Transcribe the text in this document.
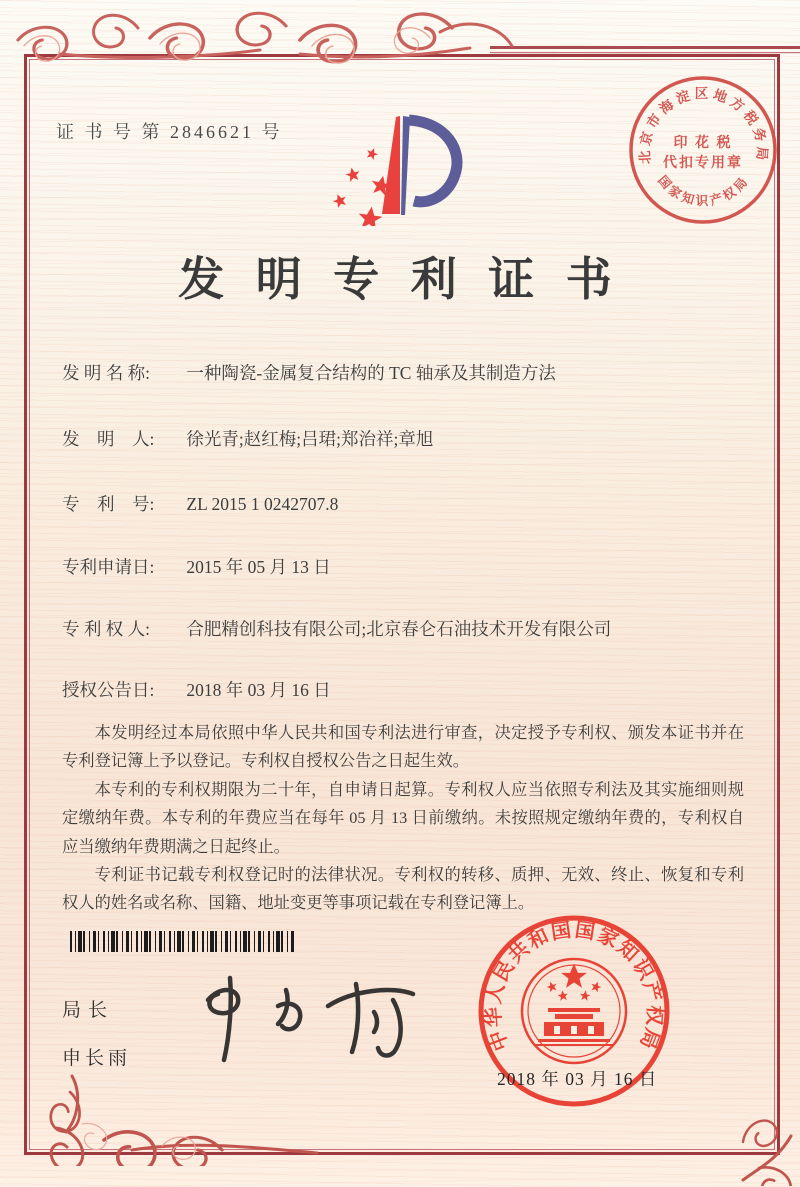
证 书 号 第 2846621 号
北京市海淀区地方税务局
国家知识产权局
印 花 税
代扣专用章
发 明 专 利 证 书
发 明 名 称: 一种陶瓷-金属复合结构的 TC 轴承及其制造方法
发　明　人: 徐光青;赵红梅;吕珺;郑治祥;章旭
专　利　号: ZL 2015 1 0242707.8
专利申请日: 2015 年 05 月 13 日
专 利 权 人: 合肥精创科技有限公司;北京春仑石油技术开发有限公司
授权公告日: 2018 年 03 月 16 日

本发明经过本局依照中华人民共和国专利法进行审查，决定授予专利权、颁发本证书并在专利登记簿上予以登记。专利权自授权公告之日起生效。

本专利的专利权期限为二十年，自申请日起算。专利权人应当依照专利法及其实施细则规定缴纳年费。本专利的年费应当在每年 05 月 13 日前缴纳。未按照规定缴纳年费的，专利权自应当缴纳年费期满之日起终止。

专利证书记载专利权登记时的法律状况。专利权的转移、质押、无效、终止、恢复和专利权人的姓名或名称、国籍、地址变更等事项记载在专利登记簿上。

局长
申长雨
中华人民共和国国家知识产权局
2018 年 03 月 16 日
